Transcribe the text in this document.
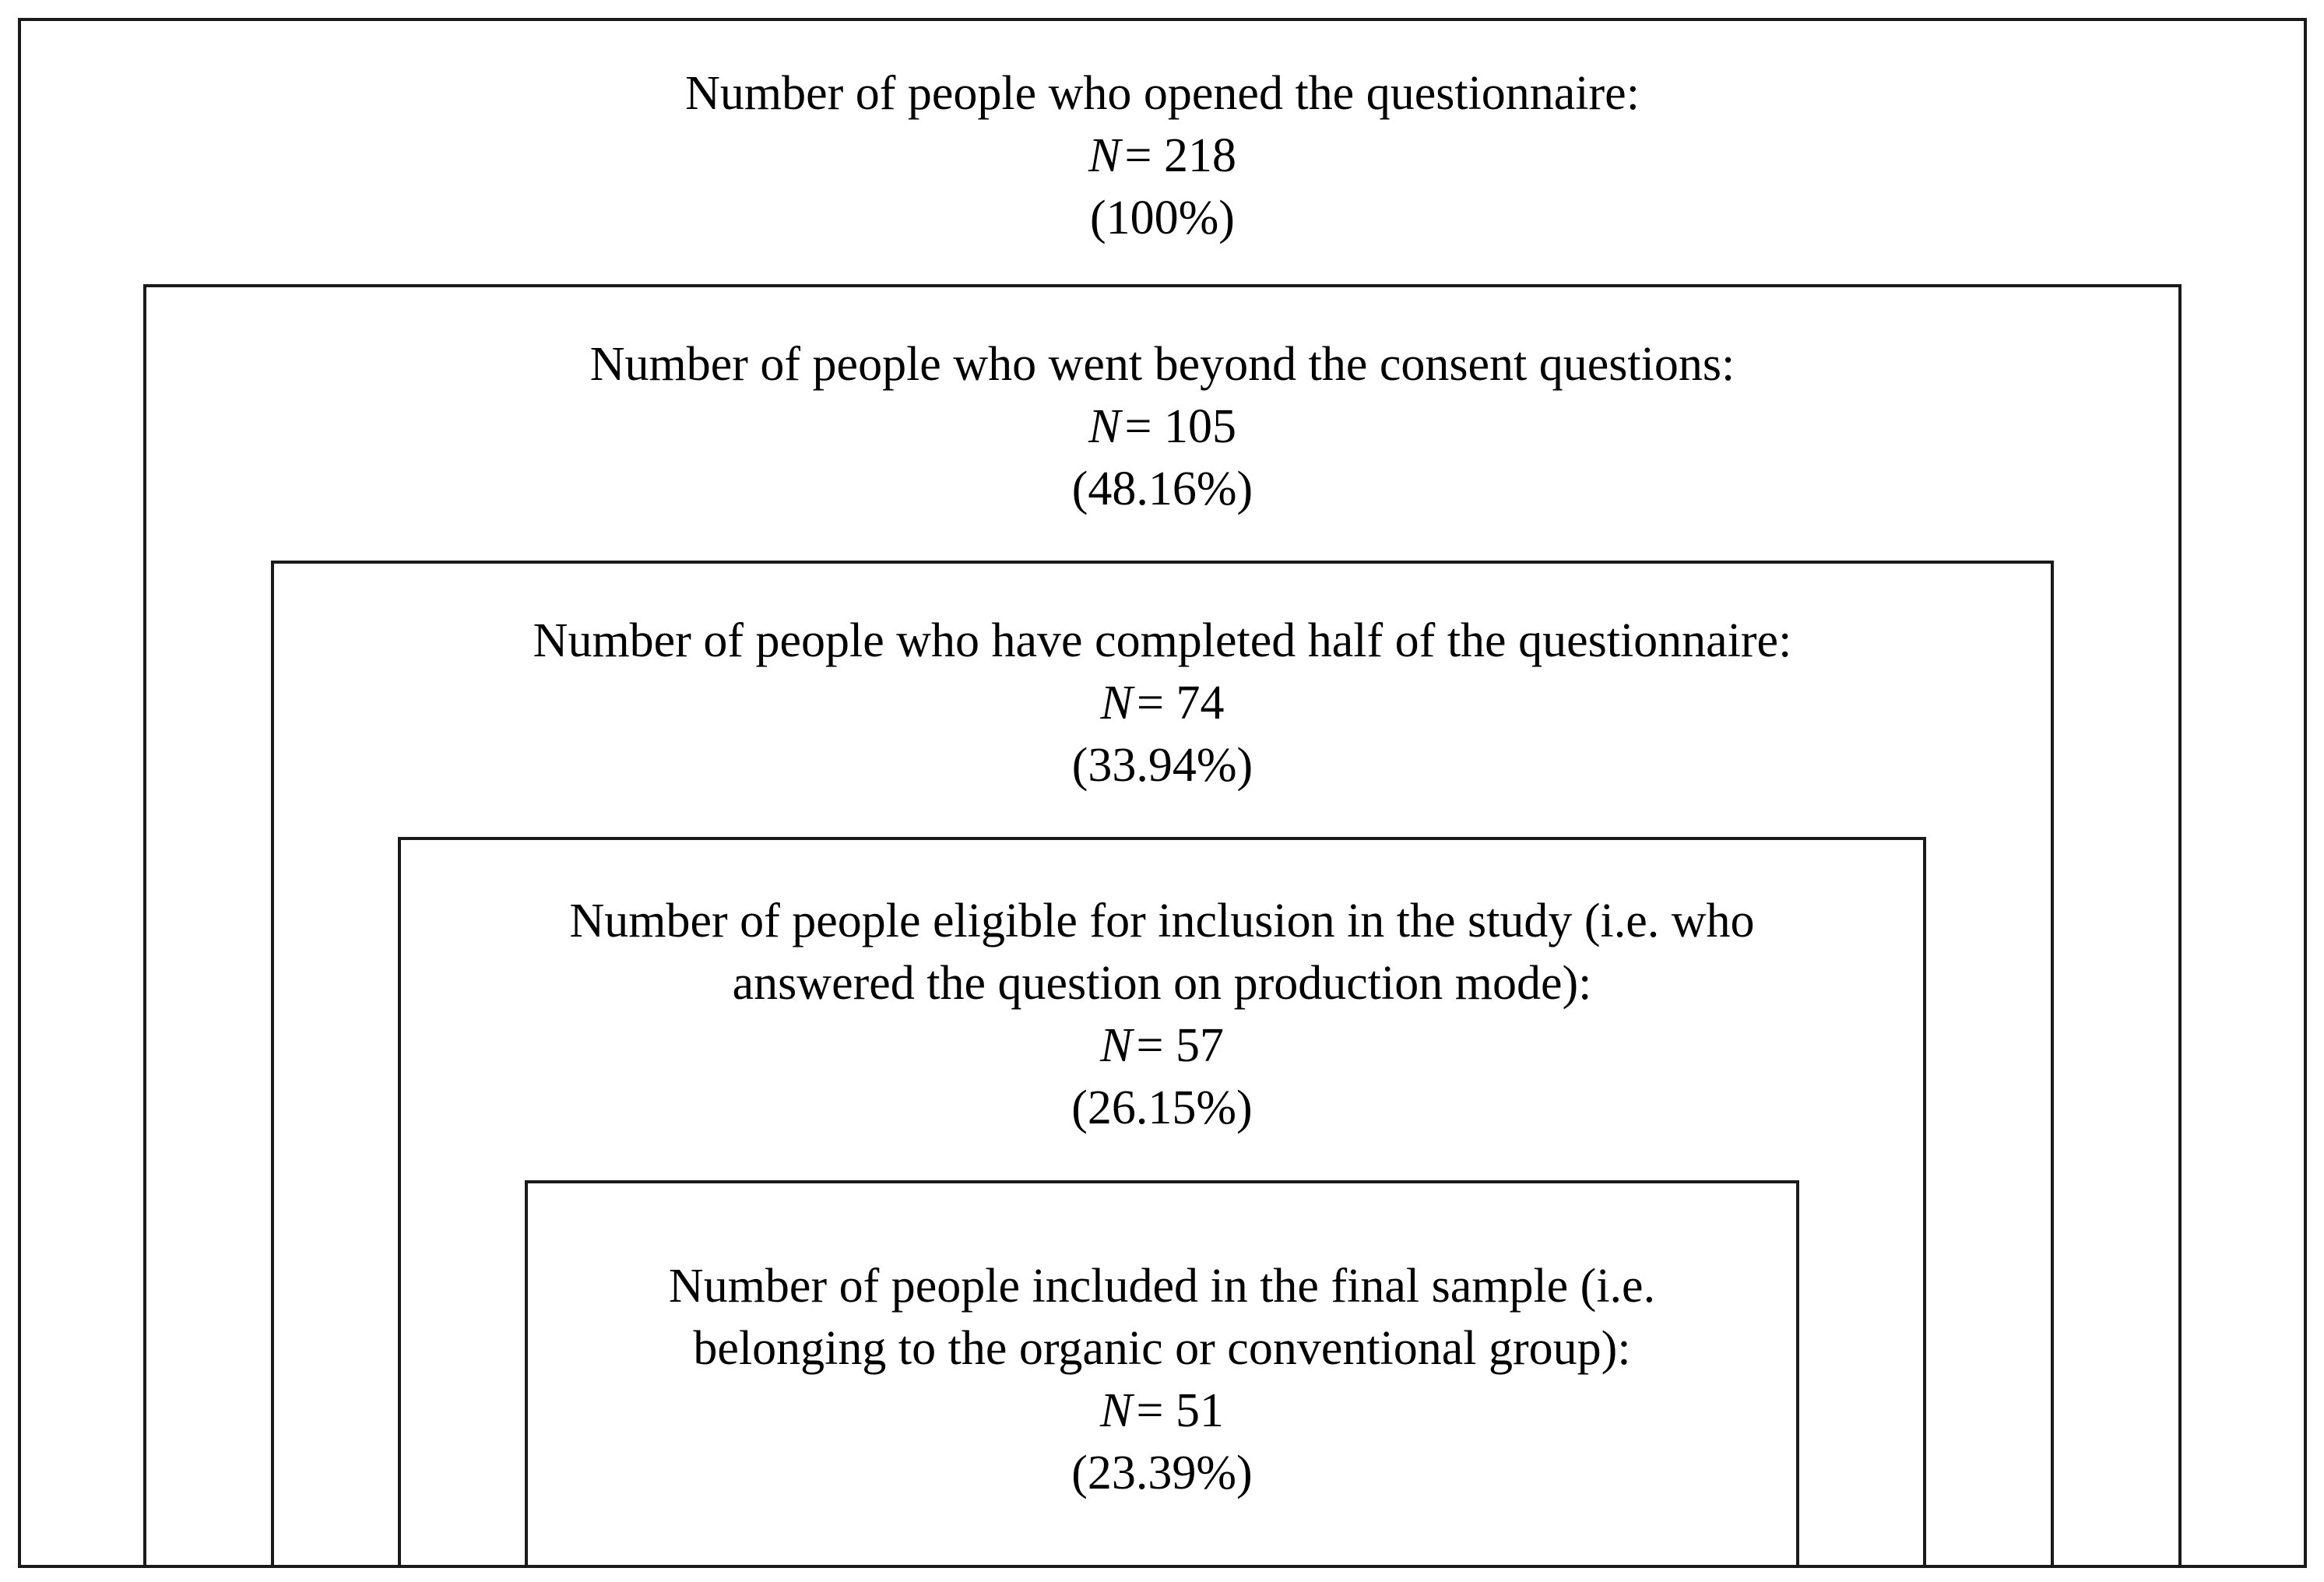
Number of people who opened the questionnaire:
N = 218
(100%)
Number of people who went beyond the consent questions:
N = 105
(48.16%)
Number of people who have completed half of the questionnaire:
N = 74
(33.94%)
Number of people eligible for inclusion in the study (i.e. who
answered the question on production mode):
N = 57
(26.15%)
Number of people included in the final sample (i.e.
belonging to the organic or conventional group):
N = 51
(23.39%)
